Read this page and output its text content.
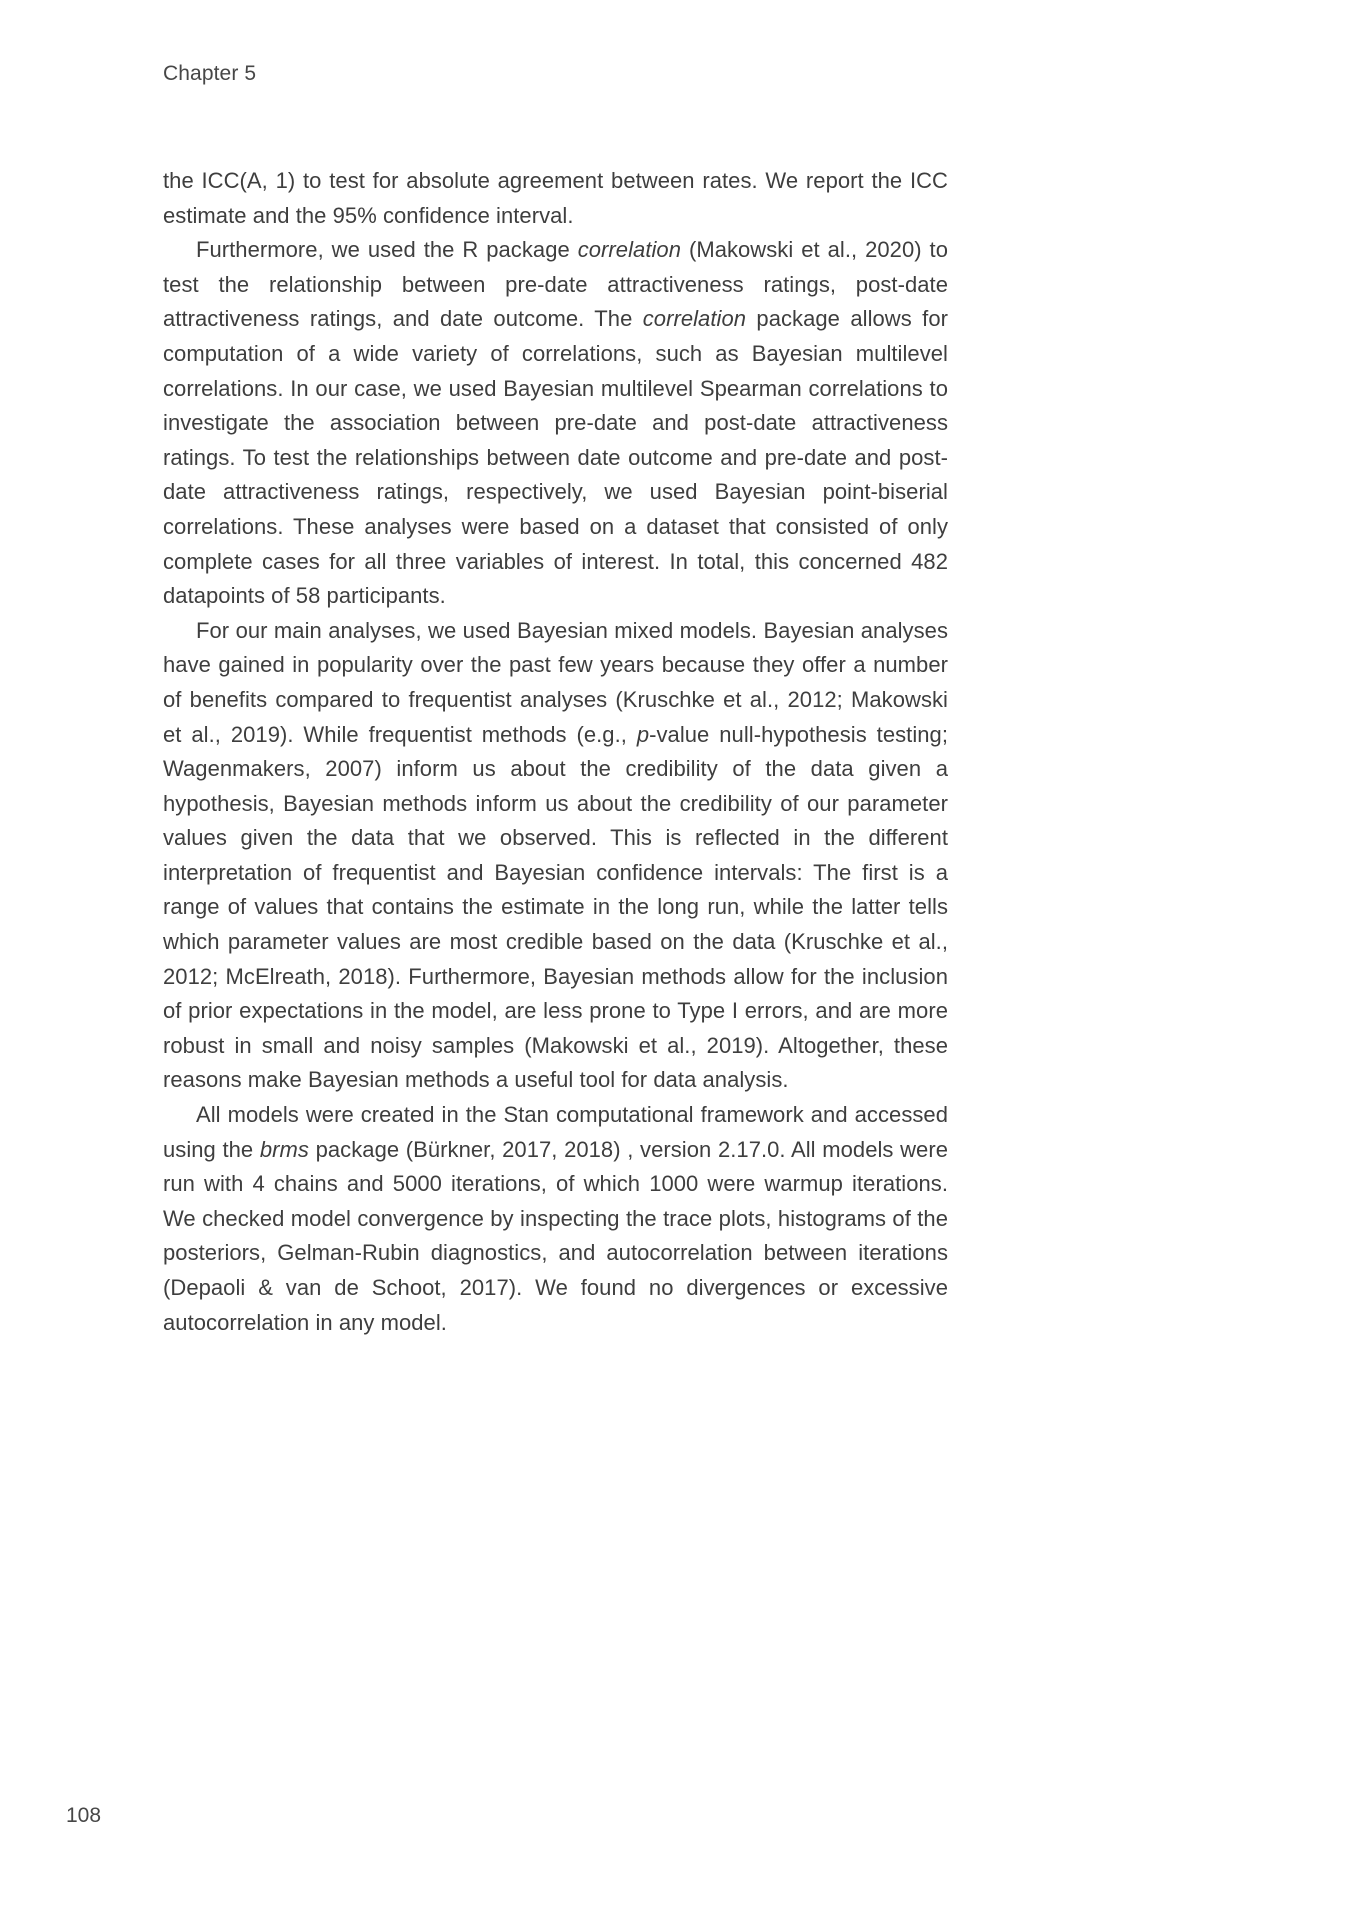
Chapter 5

the ICC(A, 1) to test for absolute agreement between rates. We report the ICC estimate and the 95% confidence interval.

Furthermore, we used the R package correlation (Makowski et al., 2020) to test the relationship between pre-date attractiveness ratings, post-date attractiveness ratings, and date outcome. The correlation package allows for computation of a wide variety of correlations, such as Bayesian multilevel correlations. In our case, we used Bayesian multilevel Spearman correlations to investigate the association between pre-date and post-date attractiveness ratings. To test the relationships between date outcome and pre-date and post-date attractiveness ratings, respectively, we used Bayesian point-biserial correlations. These analyses were based on a dataset that consisted of only complete cases for all three variables of interest. In total, this concerned 482 datapoints of 58 participants.

For our main analyses, we used Bayesian mixed models. Bayesian analyses have gained in popularity over the past few years because they offer a number of benefits compared to frequentist analyses (Kruschke et al., 2012; Makowski et al., 2019). While frequentist methods (e.g., p-value null-hypothesis testing; Wagenmakers, 2007) inform us about the credibility of the data given a hypothesis, Bayesian methods inform us about the credibility of our parameter values given the data that we observed. This is reflected in the different interpretation of frequentist and Bayesian confidence intervals: The first is a range of values that contains the estimate in the long run, while the latter tells which parameter values are most credible based on the data (Kruschke et al., 2012; McElreath, 2018). Furthermore, Bayesian methods allow for the inclusion of prior expectations in the model, are less prone to Type I errors, and are more robust in small and noisy samples (Makowski et al., 2019). Altogether, these reasons make Bayesian methods a useful tool for data analysis.

All models were created in the Stan computational framework and accessed using the brms package (Bürkner, 2017, 2018) , version 2.17.0. All models were run with 4 chains and 5000 iterations, of which 1000 were warmup iterations. We checked model convergence by inspecting the trace plots, histograms of the posteriors, Gelman-Rubin diagnostics, and autocorrelation between iterations (Depaoli & van de Schoot, 2017). We found no divergences or excessive autocorrelation in any model.

108
